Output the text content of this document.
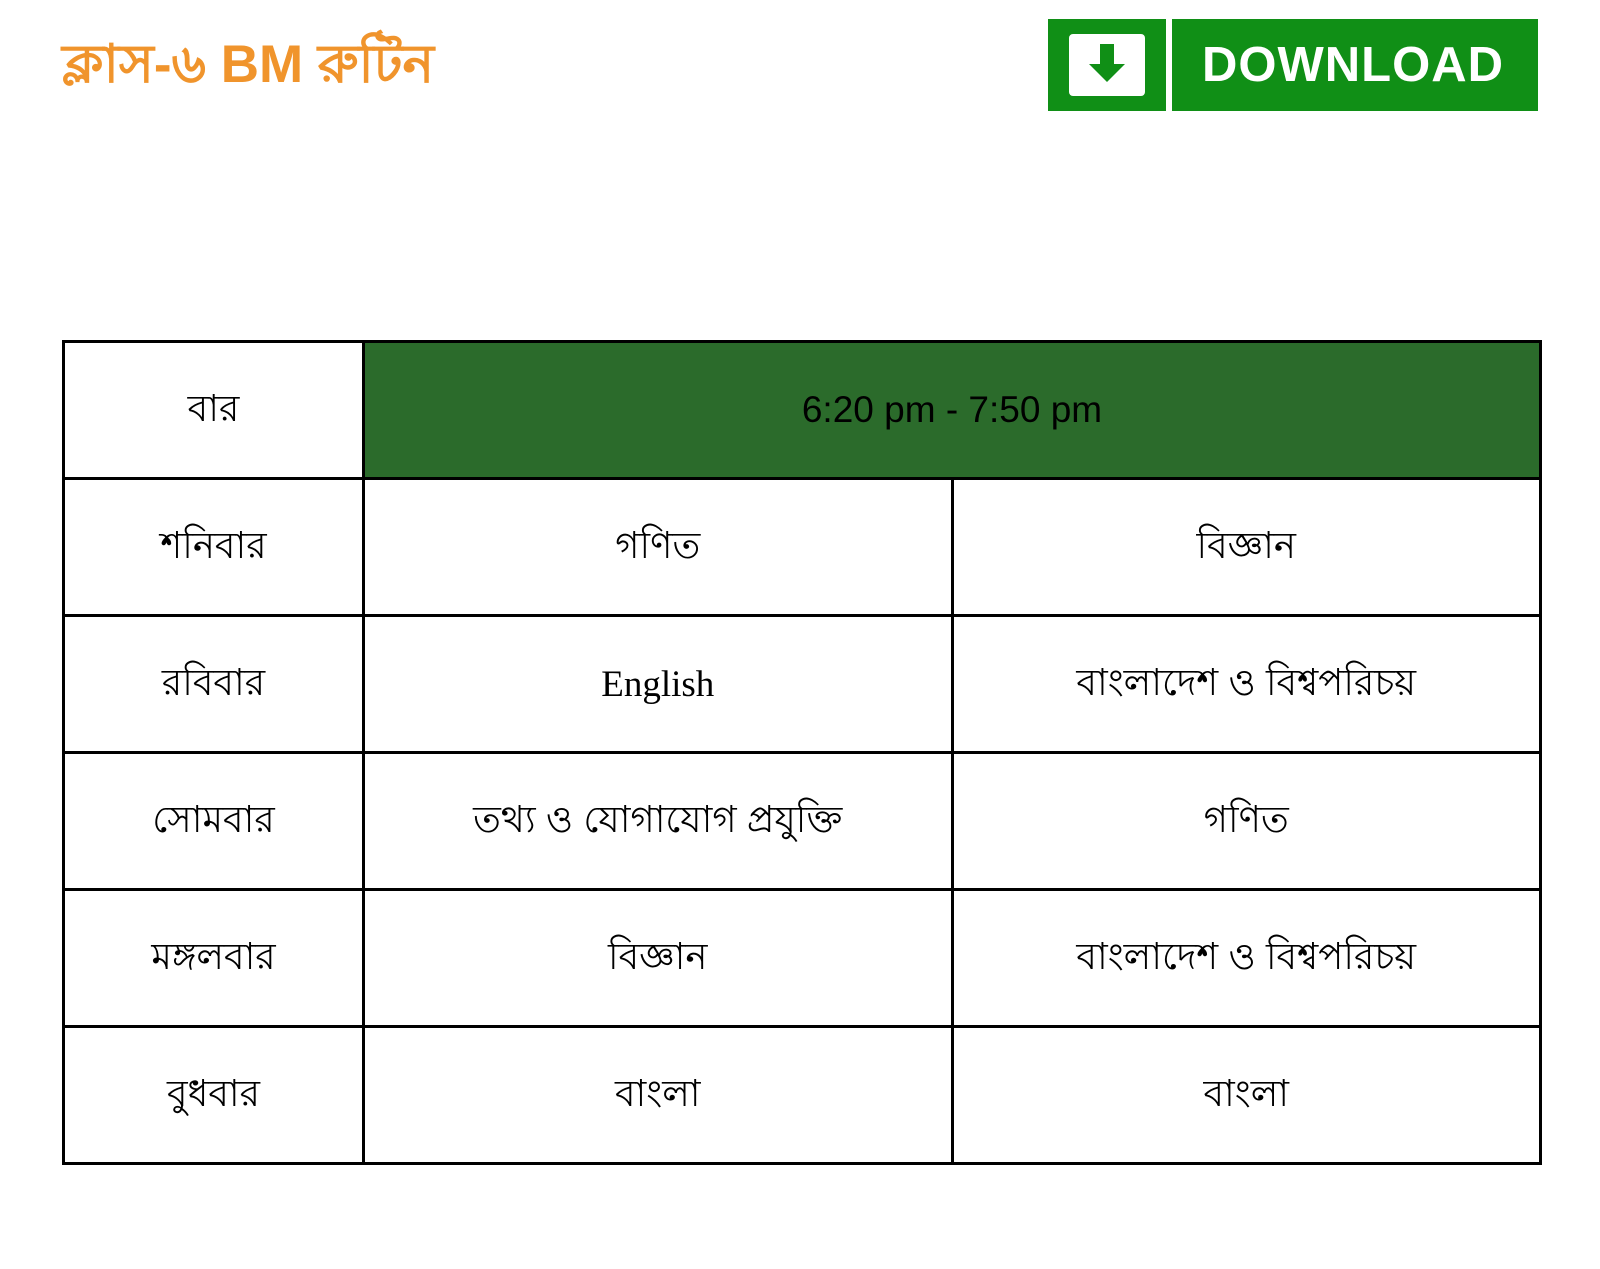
ক্লাস-৬ BM রুটিন	DOWNLOAD
বার	6:20 pm - 7:50 pm	
শনিবার	গণিত	বিজ্ঞান
রবিবার	English	বাংলাদেশ ও বিশ্বপরিচয়
সোমবার	তথ্য ও যোগাযোগ প্রযুক্তি	গণিত
মঙ্গলবার	বিজ্ঞান	বাংলাদেশ ও বিশ্বপরিচয়
বুধবার	বাংলা	বাংলা
